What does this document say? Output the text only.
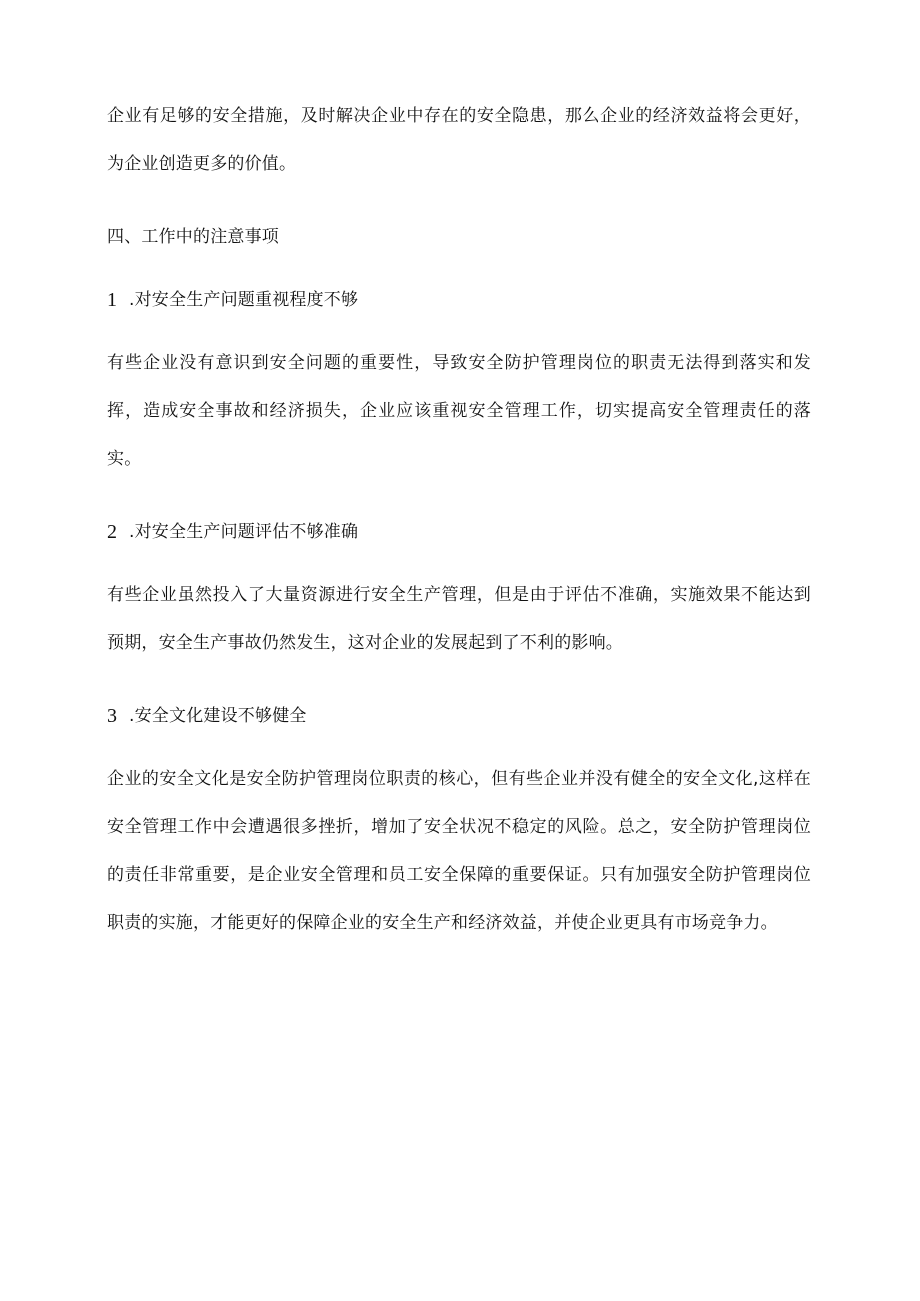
企业有足够的安全措施，及时解决企业中存在的安全隐患，那么企业的经济效益将会更好，为企业创造更多的价值。

四、工作中的注意事项
1 .对安全生产问题重视程度不够

有些企业没有意识到安全问题的重要性，导致安全防护管理岗位的职责无法得到落实和发挥，造成安全事故和经济损失，企业应该重视安全管理工作，切实提高安全管理责任的落实。

2 .对安全生产问题评估不够准确

有些企业虽然投入了大量资源进行安全生产管理，但是由于评估不准确，实施效果不能达到预期，安全生产事故仍然发生，这对企业的发展起到了不利的影响。

3 .安全文化建设不够健全

企业的安全文化是安全防护管理岗位职责的核心，但有些企业并没有健全的安全文化,这样在安全管理工作中会遭遇很多挫折，增加了安全状况不稳定的风险。总之，安全防护管理岗位的责任非常重要，是企业安全管理和员工安全保障的重要保证。只有加强安全防护管理岗位职责的实施，才能更好的保障企业的安全生产和经济效益，并使企业更具有市场竞争力。
